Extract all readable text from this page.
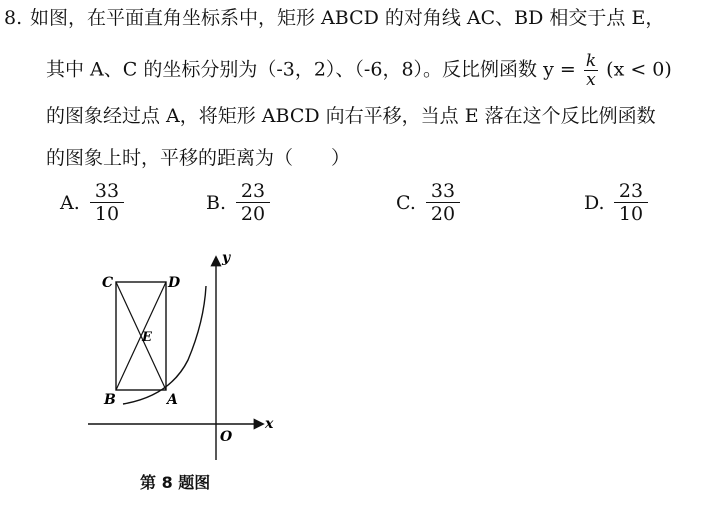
8. 如图，在平面直角坐标系中，矩形 ABCD 的对角线 AC、BD 相交于点 E，
其中 A、C 的坐标分别为（-3，2）、（-6，8）。反比例函数 $y = \frac{k}{x} (x < 0)$
的图象经过点 A，将矩形 ABCD 向右平移，当点 E 落在这个反比例函数
的图象上时，平移的距离为（　　）
A. $\frac{33}{10}$	B. $\frac{23}{20}$	C. $\frac{33}{20}$	D. $\frac{23}{10}$
C	D
E
B	A
O
x
y
第 8 题图
